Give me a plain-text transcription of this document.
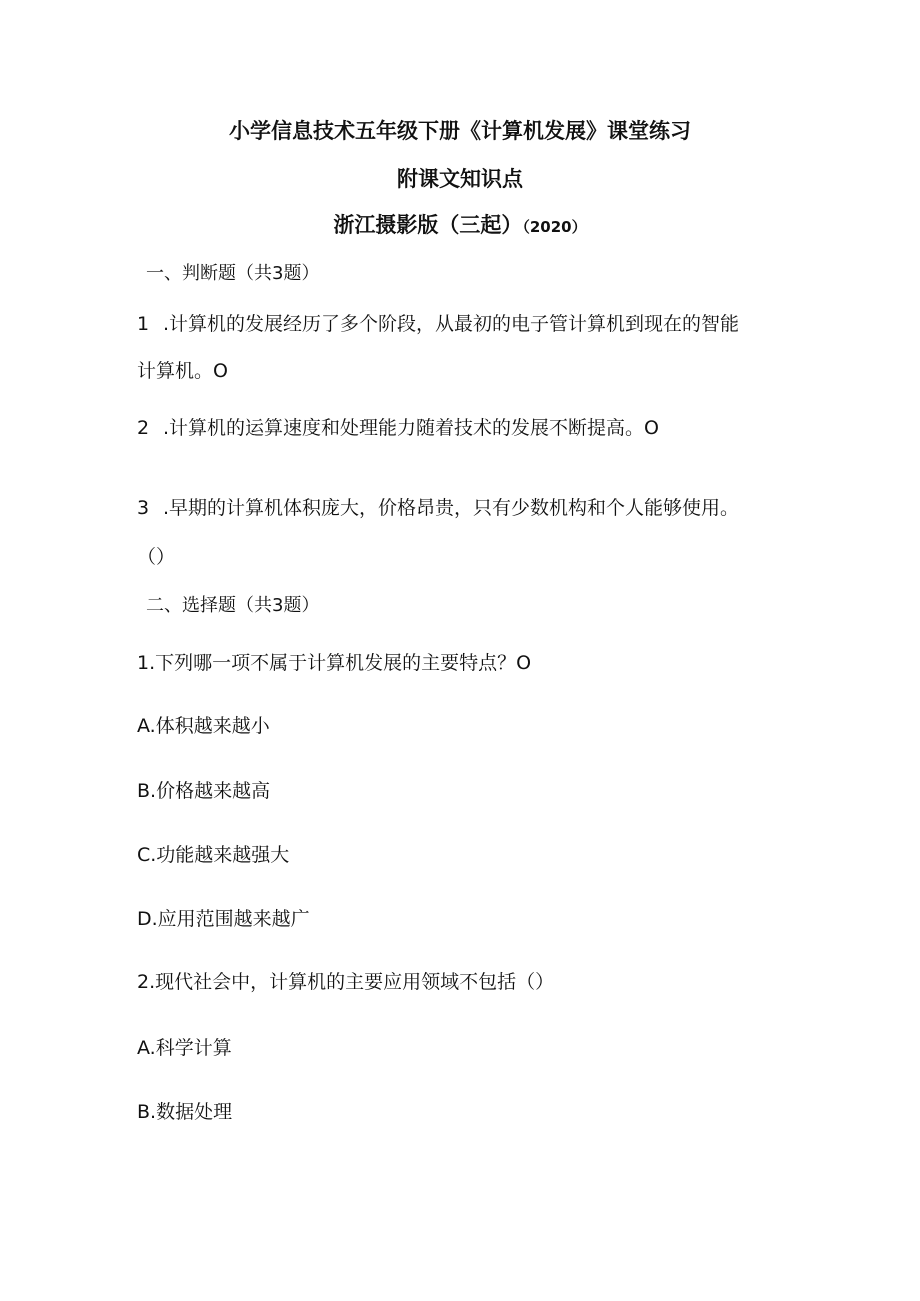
小学信息技术五年级下册《计算机发展》课堂练习
附课文知识点
浙江摄影版（三起）（2020）
一、判断题（共3题）
1 .计算机的发展经历了多个阶段，从最初的电子管计算机到现在的智能
计算机。O
2 .计算机的运算速度和处理能力随着技术的发展不断提高。O
3 .早期的计算机体积庞大，价格昂贵，只有少数机构和个人能够使用。
（）
二、选择题（共3题）
1.下列哪一项不属于计算机发展的主要特点？O
A.体积越来越小
B.价格越来越高
C.功能越来越强大
D.应用范围越来越广
2.现代社会中，计算机的主要应用领域不包括（）
A.科学计算
B.数据处理
